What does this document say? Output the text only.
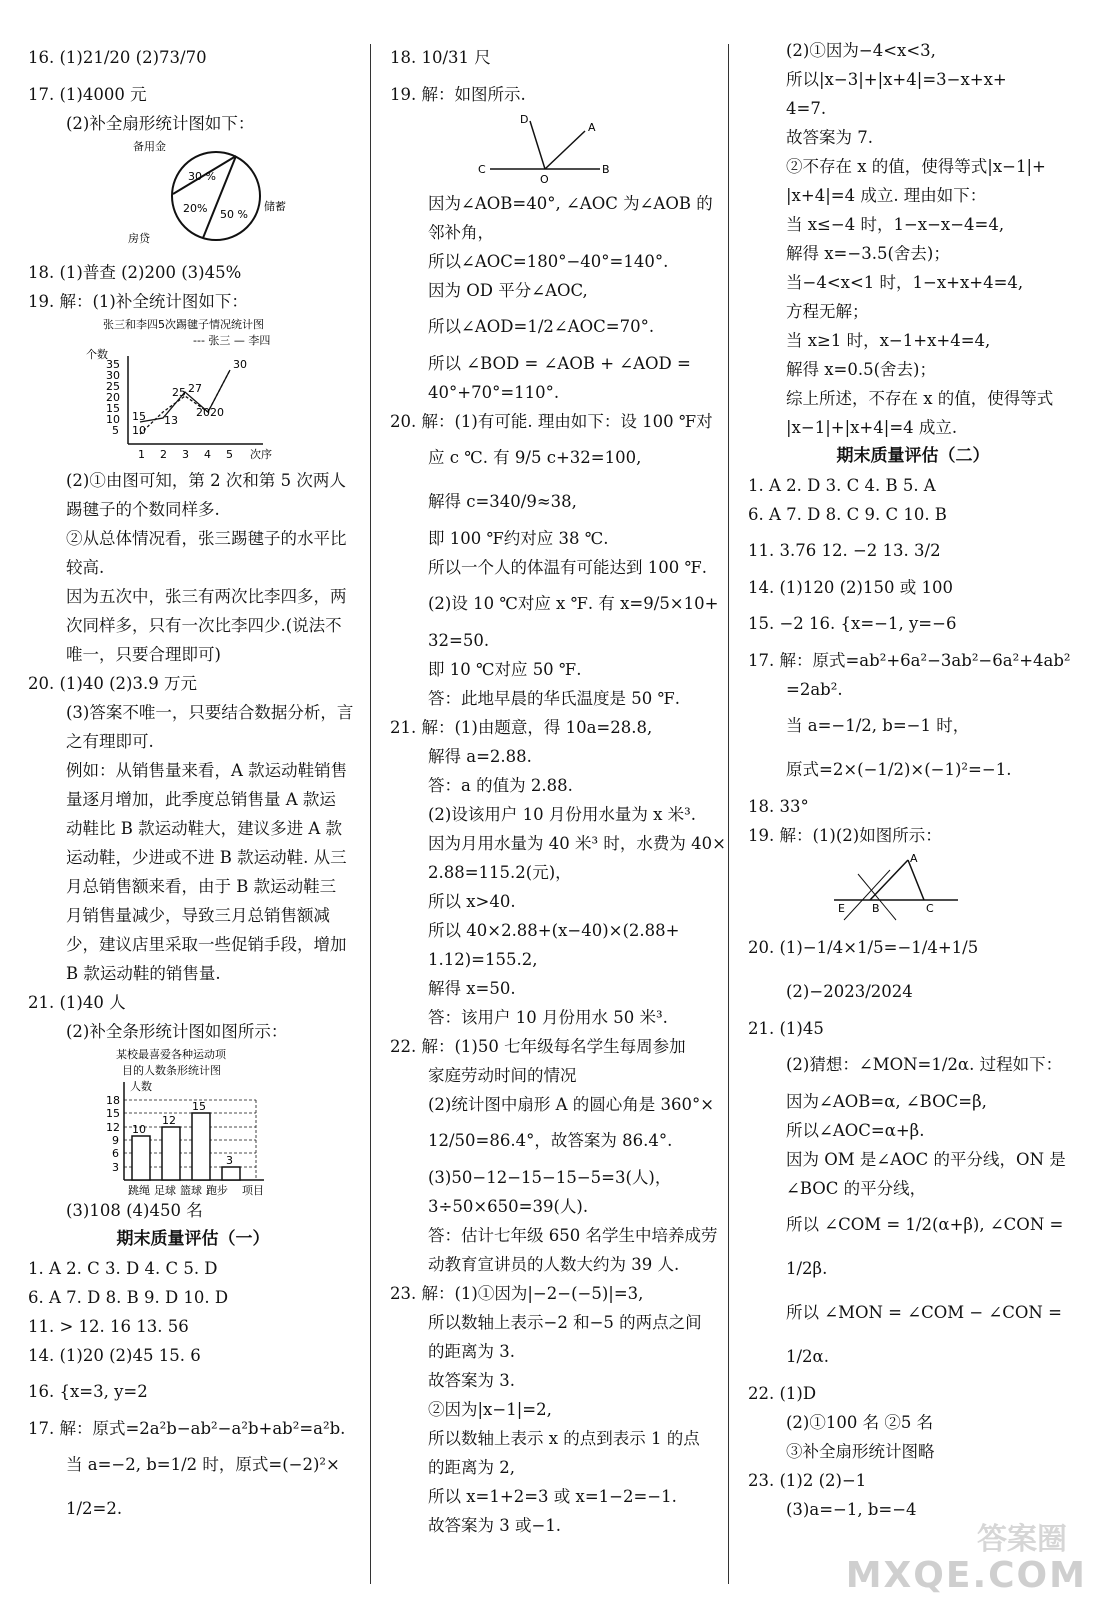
16. (1)21/20 (2)73/70
17. (1)4000 元
(2)补全扇形统计图如下：
备用金
储蓄
房贷
30 %
20% 50 %
18. (1)普查 (2)200 (3)45%
19. 解：(1)补全统计图如下：
张三和李四5次踢毽子情况统计图
--- 张三 — 李四
个数
35
30
25
20
15
10
5
1 2 3 4 5 次序
10
15 13
25 27
20 20
30
(2)①由图可知，第 2 次和第 5 次两人
踢毽子的个数同样多.
②从总体情况看，张三踢毽子的水平比
较高.
因为五次中，张三有两次比李四多，两
次同样多，只有一次比李四少.(说法不
唯一，只要合理即可)
20. (1)40 (2)3.9 万元
(3)答案不唯一，只要结合数据分析，言
之有理即可.
例如：从销售量来看，A 款运动鞋销售
量逐月增加，此季度总销售量 A 款运
动鞋比 B 款运动鞋大，建议多进 A 款
运动鞋，少进或不进 B 款运动鞋. 从三
月总销售额来看，由于 B 款运动鞋三
月销售量减少，导致三月总销售额减
少，建议店里采取一些促销手段，增加
B 款运动鞋的销售量.
21. (1)40 人
(2)补全条形统计图如图所示：
某校最喜爱各种运动项
目的人数条形统计图
人数
18
15
12
9
6
3
10
12
15
3
跳绳 足球 篮球 跑步 项目
(3)108 (4)450 名
期末质量评估（一）
1. A 2. C 3. D 4. C 5. D
6. A 7. D 8. B 9. D 10. D
11. > 12. 16 13. 56
14. (1)20 (2)45 15. 6
16. {x=3, y=2
17. 解：原式=2a²b−ab²−a²b+ab²=a²b.
当 a=−2, b=1/2 时，原式=(−2)²×
1/2=2.
18. 10/31 尺
19. 解：如图所示.
D
A
C
O
B
因为∠AOB=40°, ∠AOC 为∠AOB 的
邻补角，
所以∠AOC=180°−40°=140°.
因为 OD 平分∠AOC,
所以∠AOD=1/2∠AOC=70°.
所以 ∠BOD = ∠AOB + ∠AOD =
40°+70°=110°.
20. 解：(1)有可能. 理由如下：设 100 ℉对
应 c ℃. 有 9/5 c+32=100,
解得 c=340/9≈38,
即 100 ℉约对应 38 ℃.
所以一个人的体温有可能达到 100 ℉.
(2)设 10 ℃对应 x ℉. 有 x=9/5×10+
32=50.
即 10 ℃对应 50 ℉.
答：此地早晨的华氏温度是 50 ℉.
21. 解：(1)由题意，得 10a=28.8,
解得 a=2.88.
答：a 的值为 2.88.
(2)设该用户 10 月份用水量为 x 米³.
因为月用水量为 40 米³ 时，水费为 40×
2.88=115.2(元)，
所以 x>40.
所以 40×2.88+(x−40)×(2.88+
1.12)=155.2,
解得 x=50.
答：该用户 10 月份用水 50 米³.
22. 解：(1)50 七年级每名学生每周参加
家庭劳动时间的情况
(2)统计图中扇形 A 的圆心角是 360°×
12/50=86.4°，故答案为 86.4°.
(3)50−12−15−15−5=3(人)，
3÷50×650=39(人).
答：估计七年级 650 名学生中培养成劳
动教育宣讲员的人数大约为 39 人.
23. 解：(1)①因为|−2−(−5)|=3,
所以数轴上表示−2 和−5 的两点之间
的距离为 3.
故答案为 3.
②因为|x−1|=2,
所以数轴上表示 x 的点到表示 1 的点
的距离为 2,
所以 x=1+2=3 或 x=1−2=−1.
故答案为 3 或−1.
(2)①因为−4<x<3,
所以|x−3|+|x+4|=3−x+x+
4=7.
故答案为 7.
②不存在 x 的值，使得等式|x−1|+
|x+4|=4 成立. 理由如下：
当 x≤−4 时，1−x−x−4=4,
解得 x=−3.5(舍去)；
当−4<x<1 时，1−x+x+4=4,
方程无解；
当 x≥1 时，x−1+x+4=4,
解得 x=0.5(舍去)；
综上所述，不存在 x 的值，使得等式
|x−1|+|x+4|=4 成立.
期末质量评估（二）
1. A 2. D 3. C 4. B 5. A
6. A 7. D 8. C 9. C 10. B
11. 3.76 12. −2 13. 3/2
14. (1)120 (2)150 或 100
15. −2 16. {x=−1, y=−6
17. 解：原式=ab²+6a²−3ab²−6a²+4ab²
=2ab².
当 a=−1/2, b=−1 时，
原式=2×(−1/2)×(−1)²=−1.
18. 33°
19. 解：(1)(2)如图所示：
A
B	C
E
20. (1)−1/4×1/5=−1/4+1/5
(2)−2023/2024
21. (1)45
(2)猜想：∠MON=1/2α. 过程如下：
因为∠AOB=α, ∠BOC=β,
所以∠AOC=α+β.
因为 OM 是∠AOC 的平分线，ON 是
∠BOC 的平分线，
所以 ∠COM = 1/2(α+β), ∠CON =
1/2β.
所以 ∠MON = ∠COM − ∠CON =
1/2α.
22. (1)D
(2)①100 名 ②5 名
③补全扇形统计图略
23. (1)2 (2)−1
(3)a=−1, b=−4
答案圈
MXQE.COM
